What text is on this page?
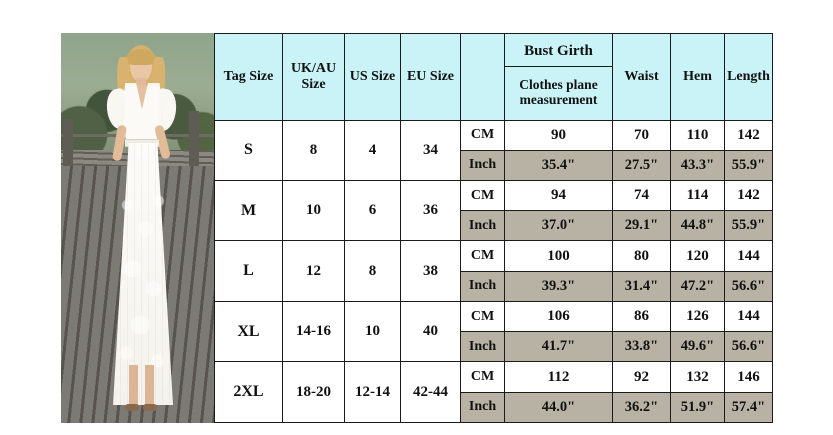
Tag Size	UK/AU Size	US Size	EU Size		Bust Girth	Waist	Hem	Length
					Clothes plane measurement			
S	8	4	34	CM	90	70	110	142
				Inch	35.4"	27.5"	43.3"	55.9"
M	10	6	36	CM	94	74	114	142
				Inch	37.0"	29.1"	44.8"	55.9"
L	12	8	38	CM	100	80	120	144
				Inch	39.3"	31.4"	47.2"	56.6"
XL	14-16	10	40	CM	106	86	126	144
				Inch	41.7"	33.8"	49.6"	56.6"
2XL	18-20	12-14	42-44	CM	112	92	132	146
				Inch	44.0"	36.2"	51.9"	57.4"
